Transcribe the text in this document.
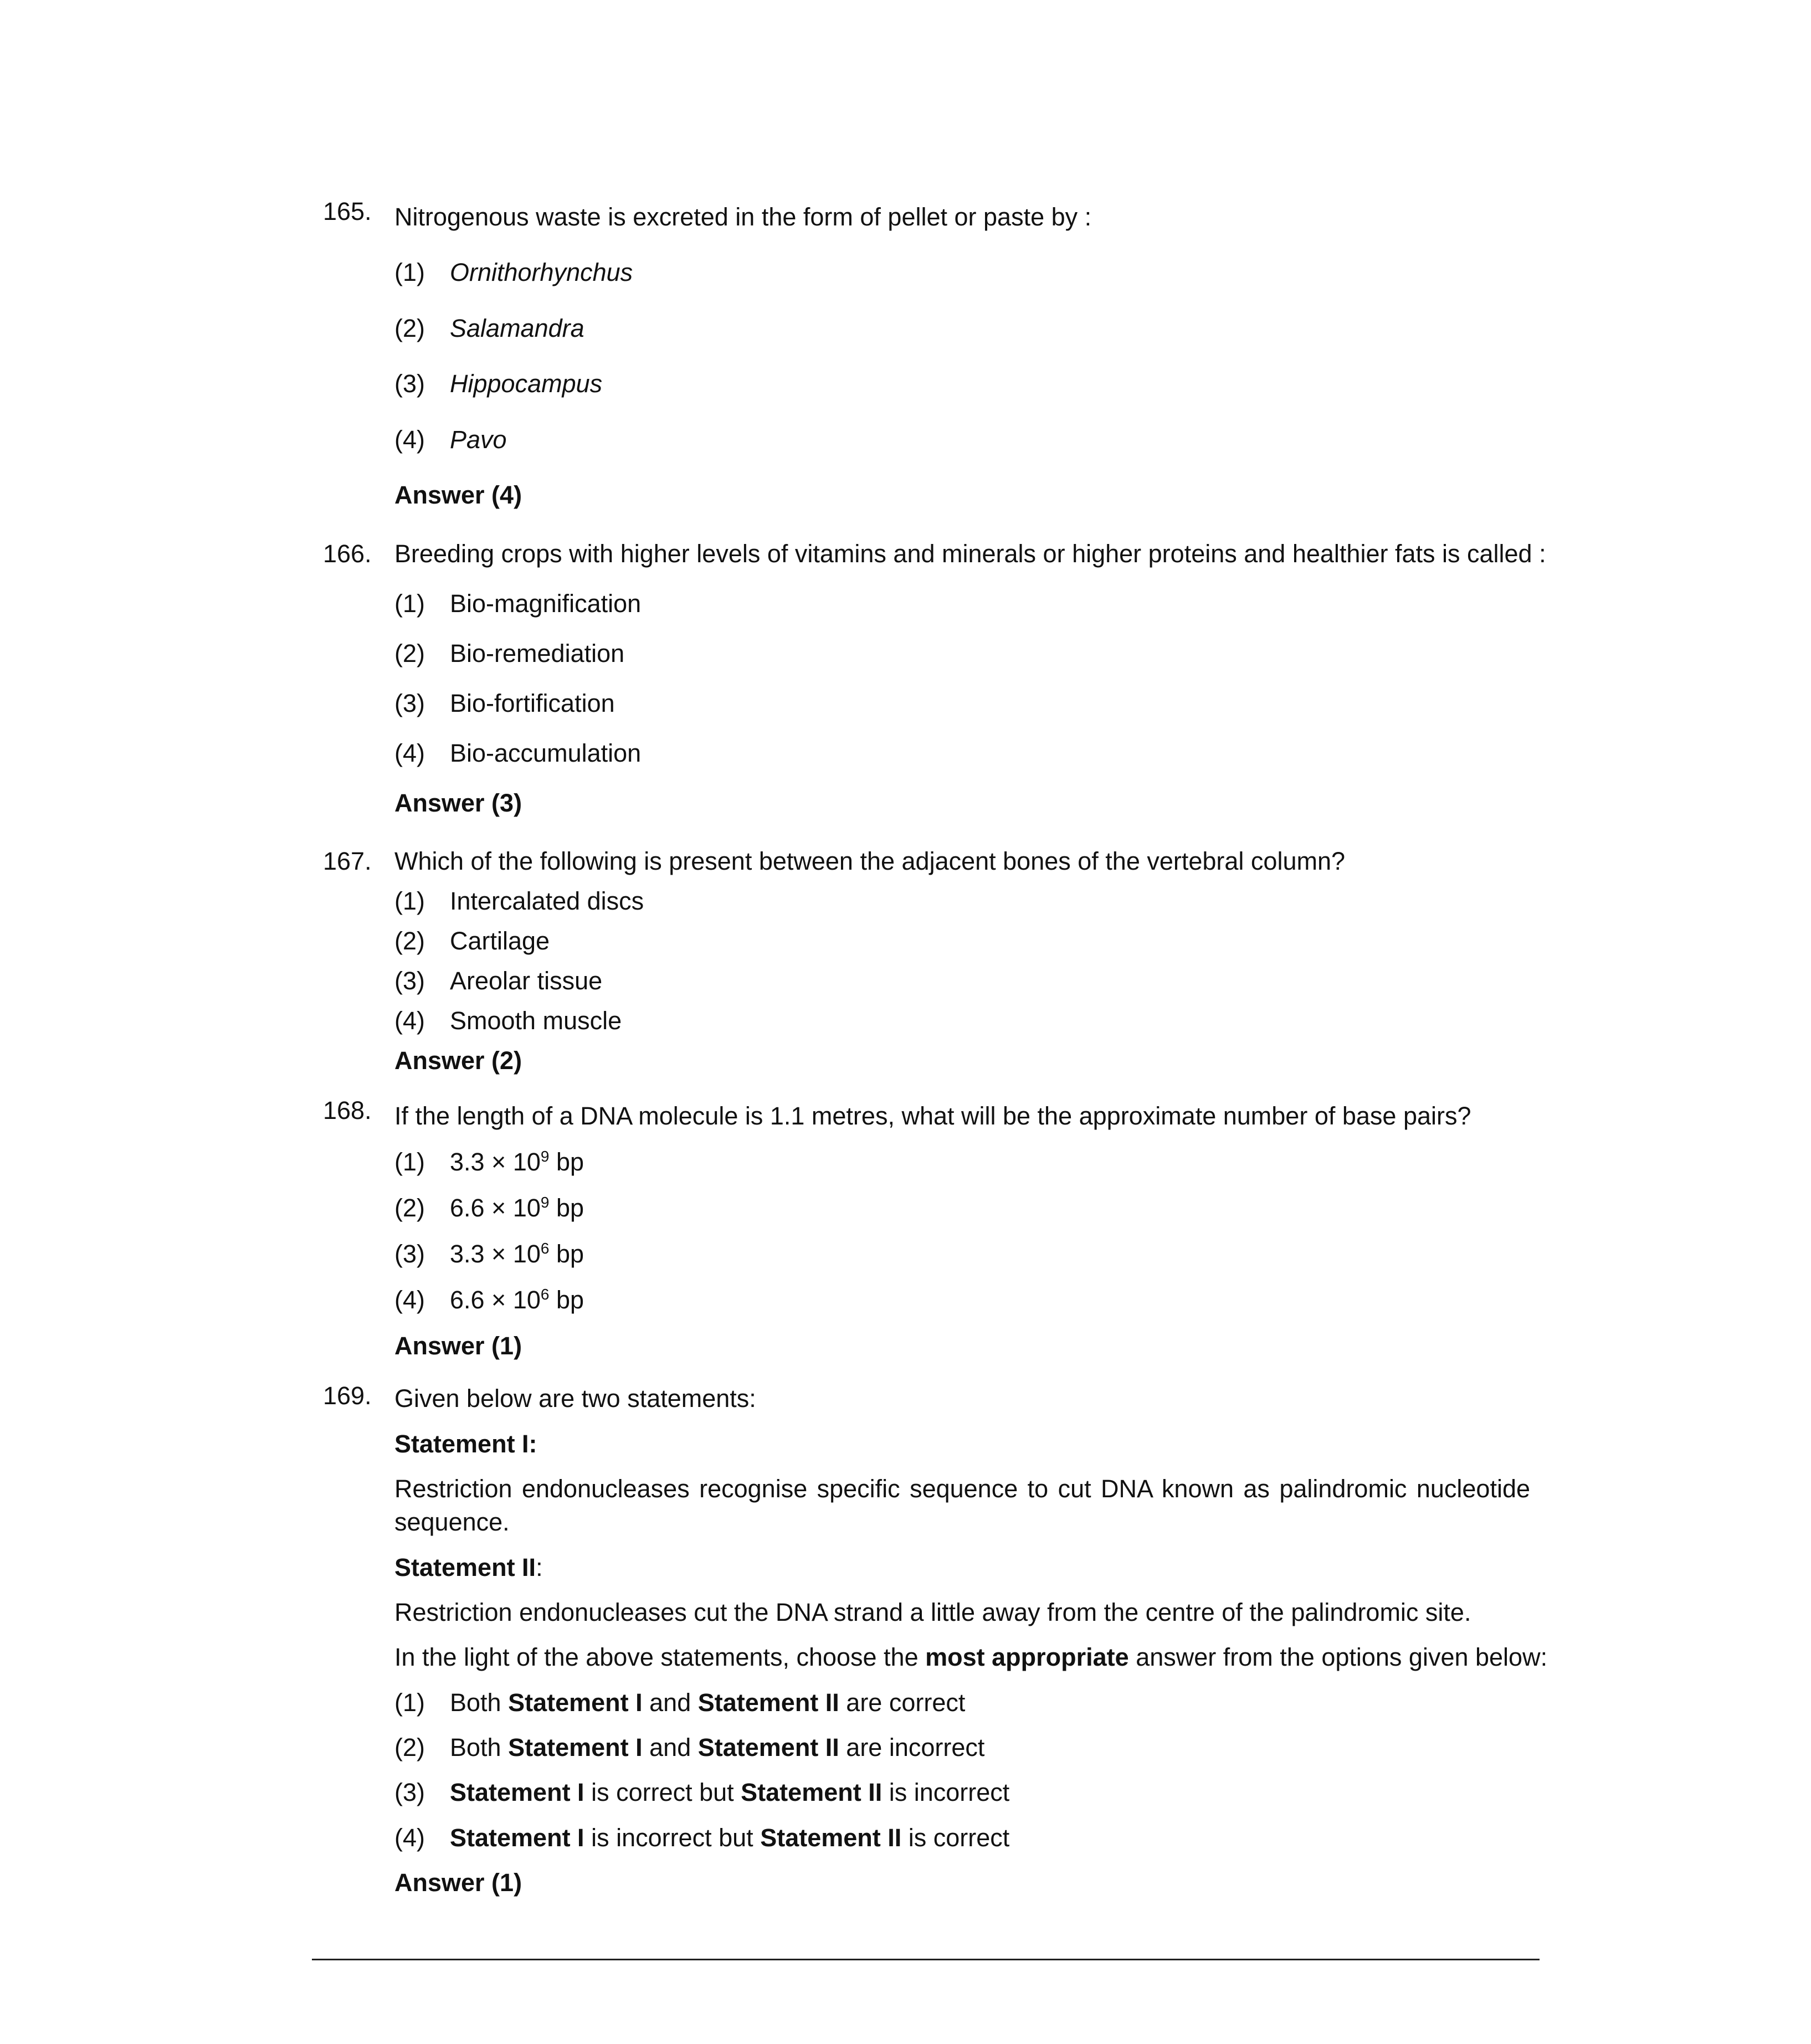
165. Nitrogenous waste is excreted in the form of pellet or paste by :
(1) Ornithorhynchus
(2) Salamandra
(3) Hippocampus
(4) Pavo
Answer (4)
166. Breeding crops with higher levels of vitamins and minerals or higher proteins and healthier fats is called :
(1) Bio-magnification
(2) Bio-remediation
(3) Bio-fortification
(4) Bio-accumulation
Answer (3)
167. Which of the following is present between the adjacent bones of the vertebral column?
(1) Intercalated discs
(2) Cartilage
(3) Areolar tissue
(4) Smooth muscle
Answer (2)
168. If the length of a DNA molecule is 1.1 metres, what will be the approximate number of base pairs?
(1) $3.3 \times 10^9$ bp
(2) $6.6 \times 10^9$ bp
(3) $3.3 \times 10^6$ bp
(4) $6.6 \times 10^6$ bp
Answer (1)
169. Given below are two statements:
Statement I:
Restriction endonucleases recognise specific sequence to cut DNA known as palindromic nucleotide sequence.
Statement II:
Restriction endonucleases cut the DNA strand a little away from the centre of the palindromic site.
In the light of the above statements, choose the most appropriate answer from the options given below:
(1) Both Statement I and Statement II are correct
(2) Both Statement I and Statement II are incorrect
(3) Statement I is correct but Statement II is incorrect
(4) Statement I is incorrect but Statement II is correct
Answer (1)
